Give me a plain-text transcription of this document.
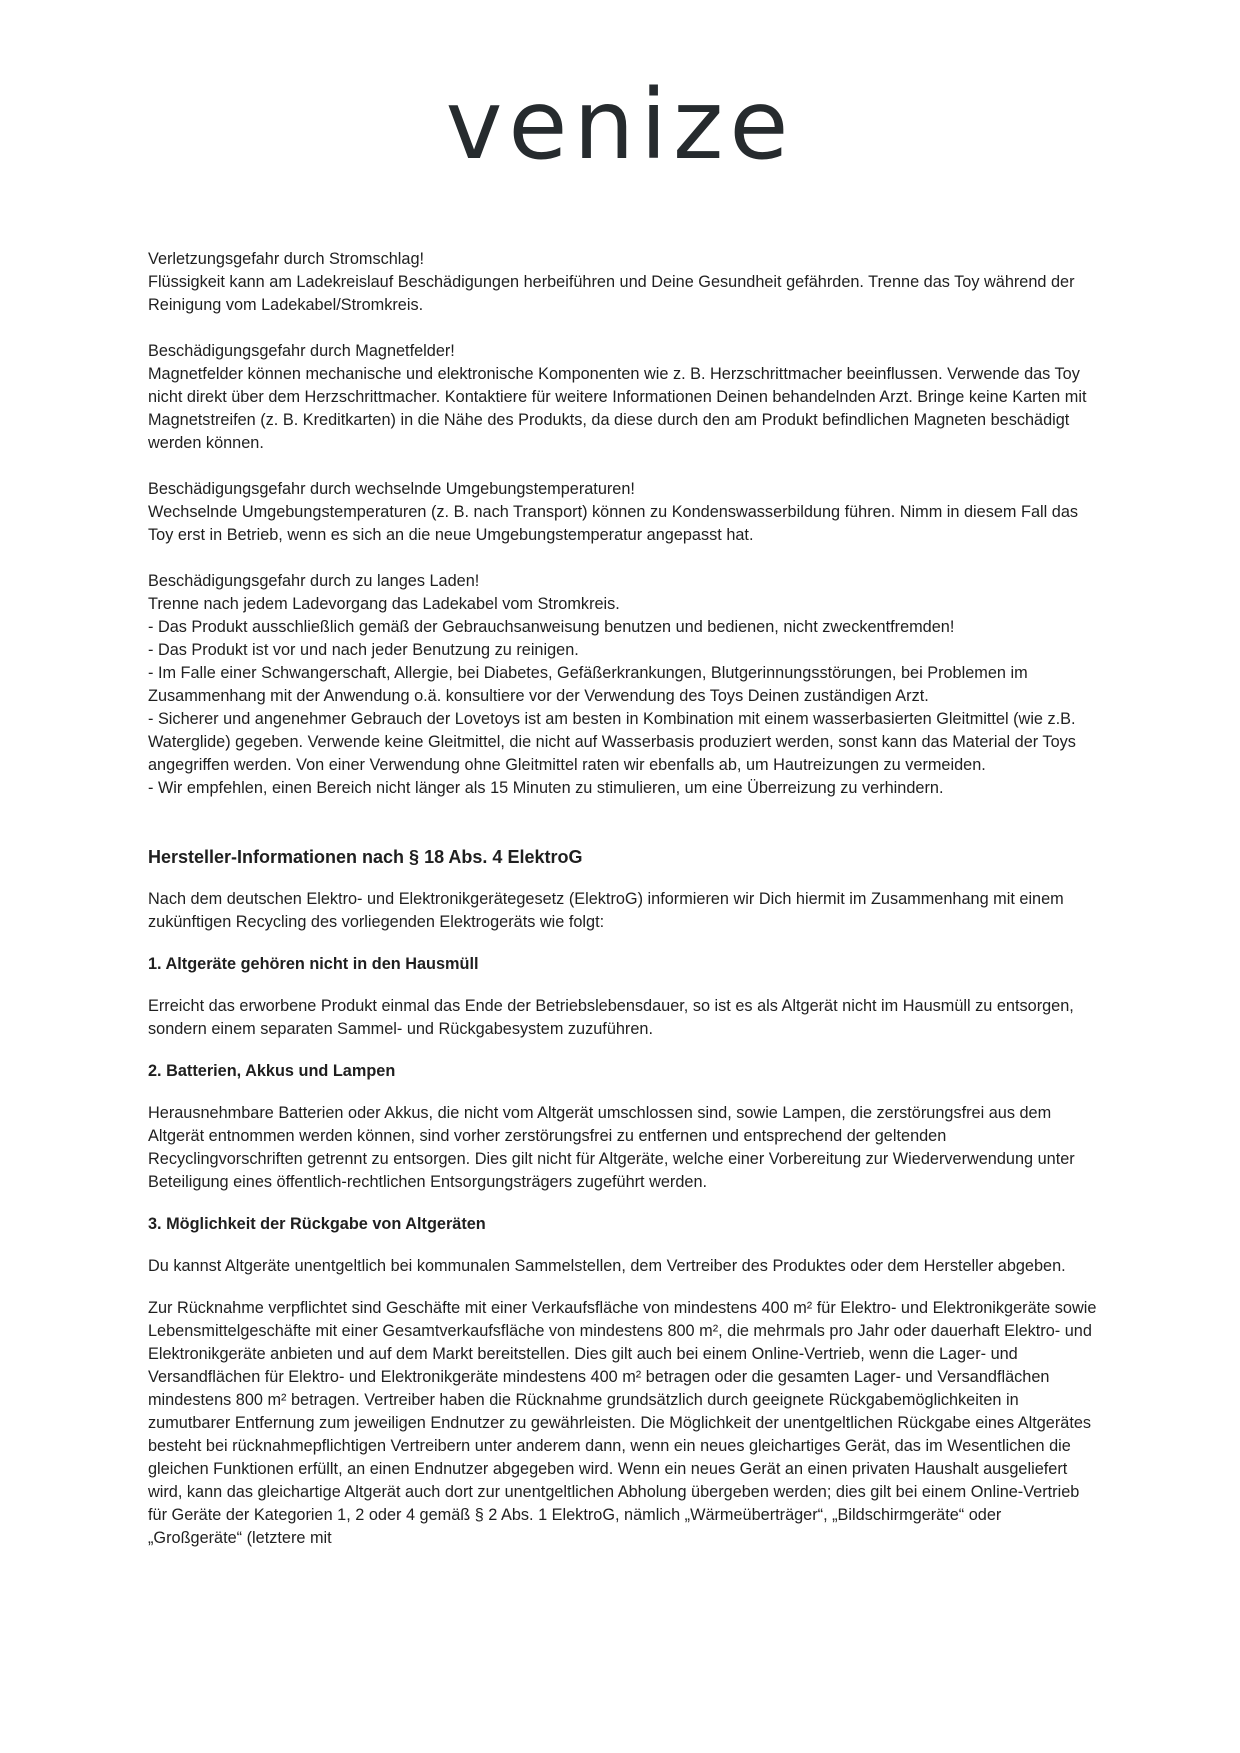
venize

Verletzungsgefahr durch Stromschlag!

Flüssigkeit kann am Ladekreislauf Beschädigungen herbeiführen und Deine Gesundheit gefährden. Trenne das Toy während der Reinigung vom Ladekabel/Stromkreis.

Beschädigungsgefahr durch Magnetfelder!

Magnetfelder können mechanische und elektronische Komponenten wie z. B. Herzschrittmacher beeinflussen. Verwende das Toy nicht direkt über dem Herzschrittmacher. Kontaktiere für weitere Informationen Deinen behandelnden Arzt. Bringe keine Karten mit Magnetstreifen (z. B. Kreditkarten) in die Nähe des Produkts, da diese durch den am Produkt befindlichen Magneten beschädigt werden können.

Beschädigungsgefahr durch wechselnde Umgebungstemperaturen!

Wechselnde Umgebungstemperaturen (z. B. nach Transport) können zu Kondenswasserbildung führen. Nimm in diesem Fall das Toy erst in Betrieb, wenn es sich an die neue Umgebungstemperatur angepasst hat.

Beschädigungsgefahr durch zu langes Laden!

Trenne nach jedem Ladevorgang das Ladekabel vom Stromkreis.

- Das Produkt ausschließlich gemäß der Gebrauchsanweisung benutzen und bedienen, nicht zweckentfremden!

- Das Produkt ist vor und nach jeder Benutzung zu reinigen.

- Im Falle einer Schwangerschaft, Allergie, bei Diabetes, Gefäßerkrankungen, Blutgerinnungsstörungen, bei Problemen im Zusammenhang mit der Anwendung o.ä. konsultiere vor der Verwendung des Toys Deinen zuständigen Arzt.

- Sicherer und angenehmer Gebrauch der Lovetoys ist am besten in Kombination mit einem wasserbasierten Gleitmittel (wie z.B. Waterglide) gegeben. Verwende keine Gleitmittel, die nicht auf Wasserbasis produziert werden, sonst kann das Material der Toys angegriffen werden. Von einer Verwendung ohne Gleitmittel raten wir ebenfalls ab, um Hautreizungen zu vermeiden.

- Wir empfehlen, einen Bereich nicht länger als 15 Minuten zu stimulieren, um eine Überreizung zu verhindern.

Hersteller-Informationen nach § 18 Abs. 4 ElektroG

Nach dem deutschen Elektro- und Elektronikgerätegesetz (ElektroG) informieren wir Dich hiermit im Zusammenhang mit einem zukünftigen Recycling des vorliegenden Elektrogeräts wie folgt:

1. Altgeräte gehören nicht in den Hausmüll

Erreicht das erworbene Produkt einmal das Ende der Betriebslebensdauer, so ist es als Altgerät nicht im Hausmüll zu entsorgen, sondern einem separaten Sammel- und Rückgabesystem zuzuführen.

2. Batterien, Akkus und Lampen

Herausnehmbare Batterien oder Akkus, die nicht vom Altgerät umschlossen sind, sowie Lampen, die zerstörungsfrei aus dem Altgerät entnommen werden können, sind vorher zerstörungsfrei zu entfernen und entsprechend der geltenden Recyclingvorschriften getrennt zu entsorgen. Dies gilt nicht für Altgeräte, welche einer Vorbereitung zur Wiederverwendung unter Beteiligung eines öffentlich-rechtlichen Entsorgungsträgers zugeführt werden.

3. Möglichkeit der Rückgabe von Altgeräten

Du kannst Altgeräte unentgeltlich bei kommunalen Sammelstellen, dem Vertreiber des Produktes oder dem Hersteller abgeben.

Zur Rücknahme verpflichtet sind Geschäfte mit einer Verkaufsfläche von mindestens 400 m² für Elektro- und Elektronikgeräte sowie Lebensmittelgeschäfte mit einer Gesamtverkaufsfläche von mindestens 800 m², die mehrmals pro Jahr oder dauerhaft Elektro- und Elektronikgeräte anbieten und auf dem Markt bereitstellen. Dies gilt auch bei einem Online-Vertrieb, wenn die Lager- und Versandflächen für Elektro- und Elektronikgeräte mindestens 400 m² betragen oder die gesamten Lager- und Versandflächen mindestens 800 m² betragen. Vertreiber haben die Rücknahme grundsätzlich durch geeignete Rückgabemöglichkeiten in zumutbarer Entfernung zum jeweiligen Endnutzer zu gewährleisten. Die Möglichkeit der unentgeltlichen Rückgabe eines Altgerätes besteht bei rücknahmepflichtigen Vertreibern unter anderem dann, wenn ein neues gleichartiges Gerät, das im Wesentlichen die gleichen Funktionen erfüllt, an einen Endnutzer abgegeben wird. Wenn ein neues Gerät an einen privaten Haushalt ausgeliefert wird, kann das gleichartige Altgerät auch dort zur unentgeltlichen Abholung übergeben werden; dies gilt bei einem Online-Vertrieb für Geräte der Kategorien 1, 2 oder 4 gemäß § 2 Abs. 1 ElektroG, nämlich „Wärmeüberträger“, „Bildschirmgeräte“ oder „Großgeräte“ (letztere mit
